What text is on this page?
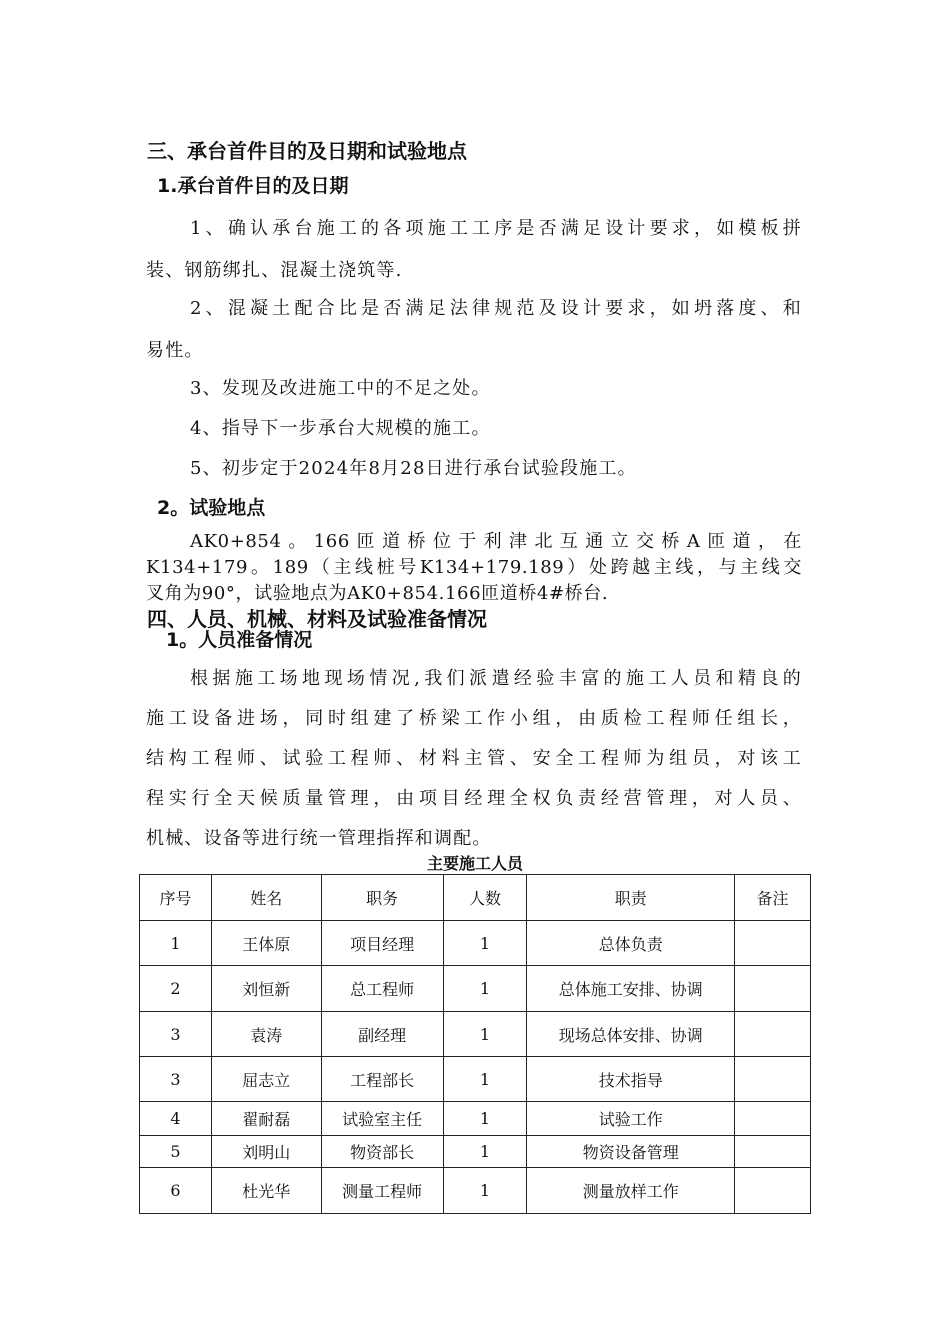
三、承台首件目的及日期和试验地点
1.承台首件目的及日期

1、确认承台施工的各项施工工序是否满足设计要求，如模板拼

装、钢筋绑扎、混凝土浇筑等.

2、混凝土配合比是否满足法律规范及设计要求，如坍落度、和

易性。

3、发现及改进施工中的不足之处。

4、指导下一步承台大规模的施工。

5、初步定于2024年8月28日进行承台试验段施工。

2。试验地点

AK0+854。166匝道桥位于利津北互通立交桥A匝道，在

K134+179。189（主线桩号K134+179.189）处跨越主线，与主线交

叉角为90°，试验地点为AK0+854.166匝道桥4#桥台.

四、人员、机械、材料及试验准备情况
1。人员准备情况

根据施工场地现场情况,我们派遣经验丰富的施工人员和精良的

施工设备进场，同时组建了桥梁工作小组，由质检工程师任组长，

结构工程师、试验工程师、材料主管、安全工程师为组员，对该工

程实行全天候质量管理，由项目经理全权负责经营管理，对人员、

机械、设备等进行统一管理指挥和调配。

主要施工人员
序号	姓名	职务	人数	职责	备注
1	王体原	项目经理	1	总体负责	
2	刘恒新	总工程师	1	总体施工安排、协调	
3	袁涛	副经理	1	现场总体安排、协调	
3	屈志立	工程部长	1	技术指导	
4	翟耐磊	试验室主任	1	试验工作	
5	刘明山	物资部长	1	物资设备管理	
6	杜光华	测量工程师	1	测量放样工作	
